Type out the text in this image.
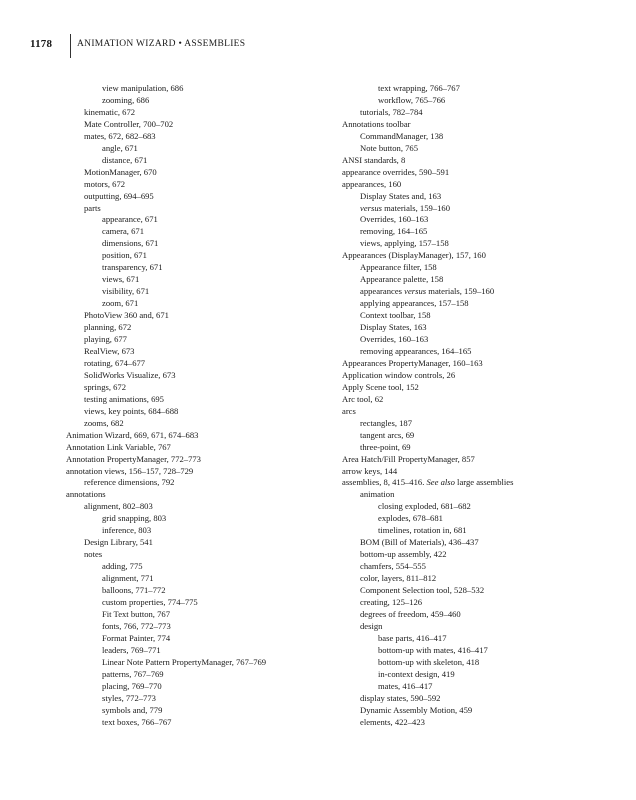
1178	ANIMATION WIZARD • ASSEMBLIES
view manipulation, 686
zooming, 686
kinematic, 672
Mate Controller, 700–702
mates, 672, 682–683
angle, 671
distance, 671
MotionManager, 670
motors, 672
outputting, 694–695
parts
appearance, 671
camera, 671
dimensions, 671
position, 671
transparency, 671
views, 671
visibility, 671
zoom, 671
PhotoView 360 and, 671
planning, 672
playing, 677
RealView, 673
rotating, 674–677
SolidWorks Visualize, 673
springs, 672
testing animations, 695
views, key points, 684–688
zooms, 682
Animation Wizard, 669, 671, 674–683
Annotation Link Variable, 767
Annotation PropertyManager, 772–773
annotation views, 156–157, 728–729
reference dimensions, 792
annotations
alignment, 802–803
grid snapping, 803
inference, 803
Design Library, 541
notes
adding, 775
alignment, 771
balloons, 771–772
custom properties, 774–775
Fit Text button, 767
fonts, 766, 772–773
Format Painter, 774
leaders, 769–771
Linear Note Pattern PropertyManager, 767–769
patterns, 767–769
placing, 769–770
styles, 772–773
symbols and, 779
text boxes, 766–767
text wrapping, 766–767
workflow, 765–766
tutorials, 782–784
Annotations toolbar
CommandManager, 138
Note button, 765
ANSI standards, 8
appearance overrides, 590–591
appearances, 160
Display States and, 163
versus materials, 159–160
Overrides, 160–163
removing, 164–165
views, applying, 157–158
Appearances (DisplayManager), 157, 160
Appearance filter, 158
Appearance palette, 158
appearances versus materials, 159–160
applying appearances, 157–158
Context toolbar, 158
Display States, 163
Overrides, 160–163
removing appearances, 164–165
Appearances PropertyManager, 160–163
Application window controls, 26
Apply Scene tool, 152
Arc tool, 62
arcs
rectangles, 187
tangent arcs, 69
three-point, 69
Area Hatch/Fill PropertyManager, 857
arrow keys, 144
assemblies, 8, 415–416. See also large assemblies
animation
closing exploded, 681–682
explodes, 678–681
timelines, rotation in, 681
BOM (Bill of Materials), 436–437
bottom-up assembly, 422
chamfers, 554–555
color, layers, 811–812
Component Selection tool, 528–532
creating, 125–126
degrees of freedom, 459–460
design
base parts, 416–417
bottom-up with mates, 416–417
bottom-up with skeleton, 418
in-context design, 419
mates, 416–417
display states, 590–592
Dynamic Assembly Motion, 459
elements, 422–423
